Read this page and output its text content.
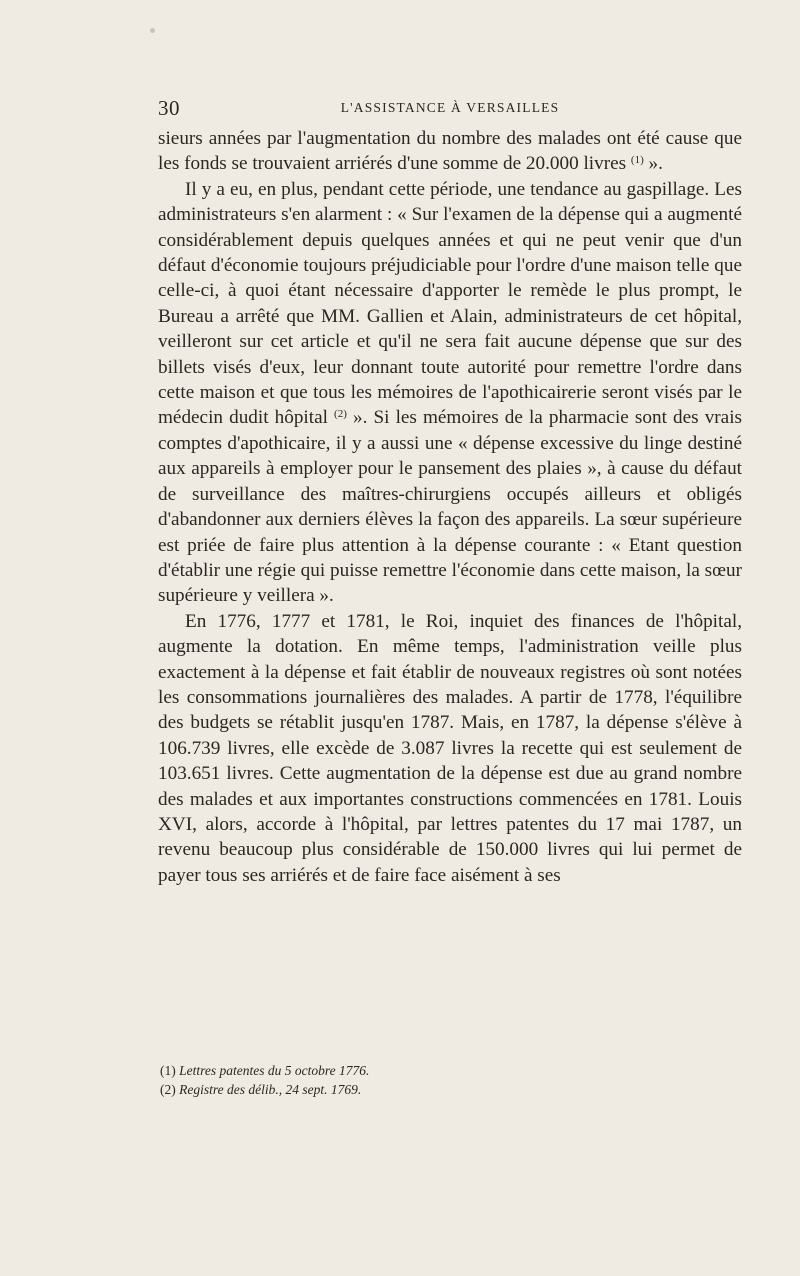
30	L'ASSISTANCE À VERSAILLES

sieurs années par l'augmentation du nombre des malades ont été cause que les fonds se trouvaient arriérés d'une somme de 20.000 livres $^{(1)}$ ».

Il y a eu, en plus, pendant cette période, une tendance au gaspillage. Les administrateurs s'en alarment : « Sur l'examen de la dépense qui a augmenté considérablement depuis quelques années et qui ne peut venir que d'un défaut d'économie toujours préjudiciable pour l'ordre d'une maison telle que celle-ci, à quoi étant nécessaire d'apporter le remède le plus prompt, le Bureau a arrêté que MM. Gallien et Alain, administrateurs de cet hôpital, veilleront sur cet article et qu'il ne sera fait aucune dépense que sur des billets visés d'eux, leur donnant toute autorité pour remettre l'ordre dans cette maison et que tous les mémoires de l'apothicairerie seront visés par le médecin dudit hôpital $^{(2)}$ ». Si les mémoires de la pharmacie sont des vrais comptes d'apothicaire, il y a aussi une « dépense excessive du linge destiné aux appareils à employer pour le pansement des plaies », à cause du défaut de surveillance des maîtres-chirurgiens occupés ailleurs et obligés d'abandonner aux derniers élèves la façon des appareils. La sœur supérieure est priée de faire plus attention à la dépense courante : « Etant question d'établir une régie qui puisse remettre l'économie dans cette maison, la sœur supérieure y veillera ».

En 1776, 1777 et 1781, le Roi, inquiet des finances de l'hôpital, augmente la dotation. En même temps, l'administration veille plus exactement à la dépense et fait établir de nouveaux registres où sont notées les consommations journalières des malades. A partir de 1778, l'équilibre des budgets se rétablit jusqu'en 1787. Mais, en 1787, la dépense s'élève à 106.739 livres, elle excède de 3.087 livres la recette qui est seulement de 103.651 livres. Cette augmentation de la dépense est due au grand nombre des malades et aux importantes constructions commencées en 1781. Louis XVI, alors, accorde à l'hôpital, par lettres patentes du 17 mai 1787, un revenu beaucoup plus considérable de 150.000 livres qui lui permet de payer tous ses arriérés et de faire face aisément à ses

(1) Lettres patentes du 5 octobre 1776.
(2) Registre des délib., 24 sept. 1769.
